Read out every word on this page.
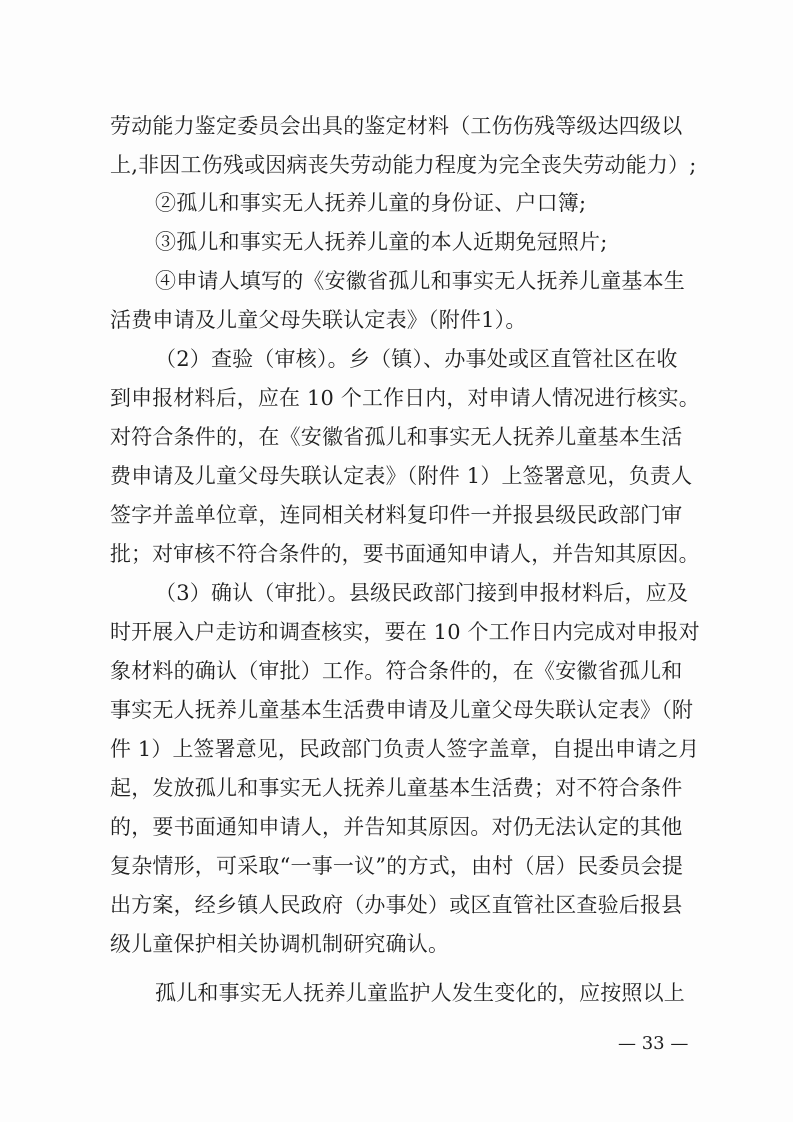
劳动能力鉴定委员会出具的鉴定材料（工伤伤残等级达四级以
上,非因工伤残或因病丧失劳动能力程度为完全丧失劳动能力）;
②孤儿和事实无人抚养儿童的身份证、户口簿;
③孤儿和事实无人抚养儿童的本人近期免冠照片;
④申请人填写的《安徽省孤儿和事实无人抚养儿童基本生
活费申请及儿童父母失联认定表》（附件1）。
（2）查验（审核）。乡（镇）、办事处或区直管社区在收
到申报材料后，应在 10 个工作日内，对申请人情况进行核实。
对符合条件的，在《安徽省孤儿和事实无人抚养儿童基本生活
费申请及儿童父母失联认定表》（附件 1）上签署意见，负责人
签字并盖单位章，连同相关材料复印件一并报县级民政部门审
批；对审核不符合条件的，要书面通知申请人，并告知其原因。
（3）确认（审批）。县级民政部门接到申报材料后，应及
时开展入户走访和调查核实，要在 10 个工作日内完成对申报对
象材料的确认（审批）工作。符合条件的，在《安徽省孤儿和
事实无人抚养儿童基本生活费申请及儿童父母失联认定表》（附
件 1）上签署意见，民政部门负责人签字盖章，自提出申请之月
起，发放孤儿和事实无人抚养儿童基本生活费；对不符合条件
的，要书面通知申请人，并告知其原因。对仍无法认定的其他
复杂情形，可采取“一事一议”的方式，由村（居）民委员会提
出方案，经乡镇人民政府（办事处）或区直管社区查验后报县
级儿童保护相关协调机制研究确认。
孤儿和事实无人抚养儿童监护人发生变化的，应按照以上
— 33 —
